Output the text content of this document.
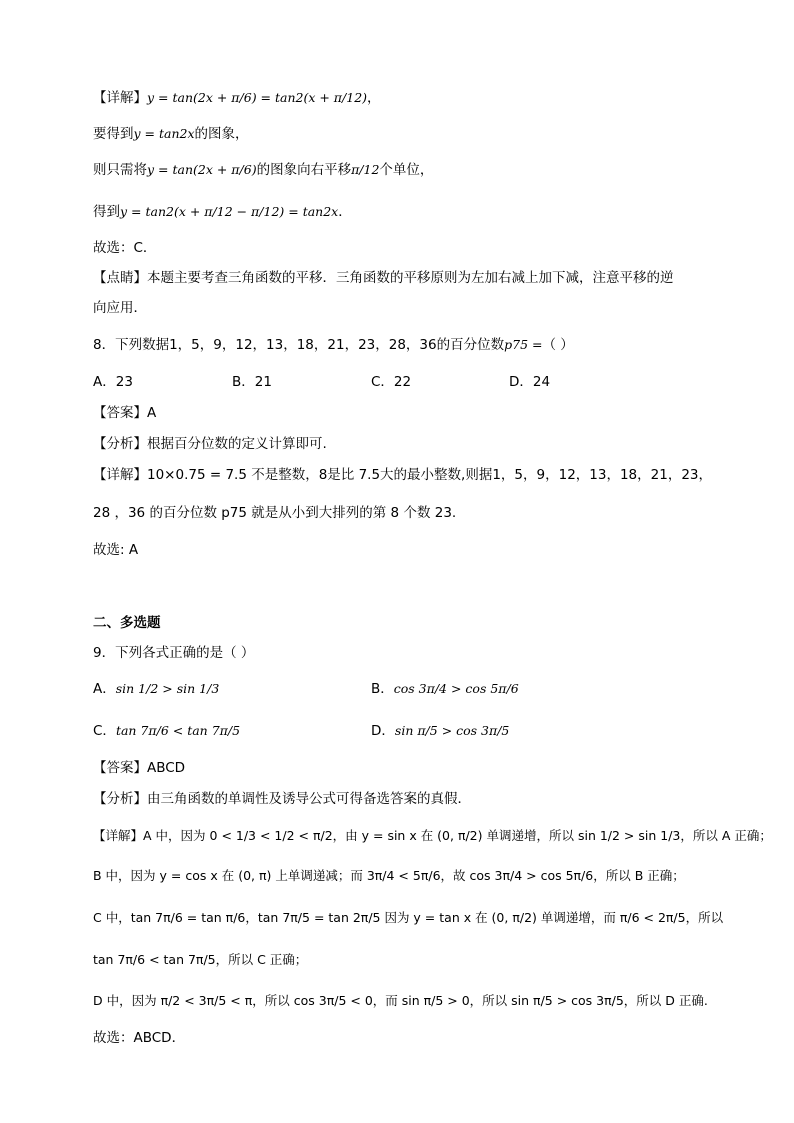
【详解】y = tan(2x + π/6) = tan2(x + π/12)，
要得到y = tan2x的图象，
则只需将y = tan(2x + π/6)的图象向右平移π/12个单位，
得到y = tan2(x + π/12 − π/12) = tan2x．
故选：C．
【点睛】本题主要考查三角函数的平移．三角函数的平移原则为左加右减上加下减，注意平移的逆
向应用．
8．下列数据1，5，9，12，13，18，21，23，28，36的百分位数p75 =（ ）
A．23	B．21	C．22	D．24
【答案】A
【分析】根据百分位数的定义计算即可.
【详解】10×0.75 = 7.5 不是整数，8是比 7.5大的最小整数,则据1，5，9，12，13，18，21，23，
28 ，36 的百分位数 p75 就是从小到大排列的第 8 个数 23.
故选: A
二、多选题
9．下列各式正确的是（ ）
A．sin 1/2 > sin 1/3	B．cos 3π/4 > cos 5π/6
C．tan 7π/6 < tan 7π/5	D．sin π/5 > cos 3π/5
【答案】ABCD
【分析】由三角函数的单调性及诱导公式可得备选答案的真假．
【详解】A 中，因为 0 < 1/3 < 1/2 < π/2，由 y = sin x 在 (0, π/2) 单调递增，所以 sin 1/2 > sin 1/3，所以 A 正确；
B 中，因为 y = cos x 在 (0, π) 上单调递减；而 3π/4 < 5π/6，故 cos 3π/4 > cos 5π/6，所以 B 正确；
C 中，tan 7π/6 = tan π/6，tan 7π/5 = tan 2π/5 因为 y = tan x 在 (0, π/2) 单调递增，而 π/6 < 2π/5，所以
tan 7π/6 < tan 7π/5，所以 C 正确；
D 中，因为 π/2 < 3π/5 < π，所以 cos 3π/5 < 0，而 sin π/5 > 0，所以 sin π/5 > cos 3π/5，所以 D 正确.
故选：ABCD．
